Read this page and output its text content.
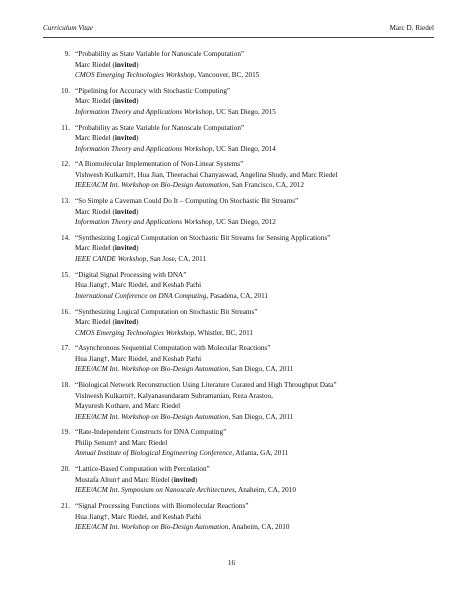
Curriculum Vitae	Marc D. Riedel
9. “Probability as State Variable for Nanoscale Computation”
Marc Riedel (invited)
CMOS Emerging Technologies Workshop, Vancouver, BC, 2015
10. “Pipelining for Accuracy with Stochastic Computing”
Marc Riedel (invited)
Information Theory and Applications Workshop, UC San Diego, 2015
11. “Probability as State Variable for Nanoscale Computation”
Marc Riedel (invited)
Information Theory and Applications Workshop, UC San Diego, 2014
12. “A Biomolecular Implementation of Non-Linear Systems”
Vishwesh Kulkarni†, Hua Jian, Theerachai Chanyaswad, Angelina Shudy, and Marc Riedel
IEEE/ACM Int. Workshop on Bio-Design Automation, San Francisco, CA, 2012
13. “So Simple a Caveman Could Do It – Computing On Stochastic Bit Streams”
Marc Riedel (invited)
Information Theory and Applications Workshop, UC San Diego, 2012
14. “Synthesizing Logical Computation on Stochastic Bit Streams for Sensing Applications”
Marc Riedel (invited)
IEEE CANDE Workshop, San Jose, CA, 2011
15. “Digital Signal Processing with DNA”
Hua Jiang†, Marc Riedel, and Keshab Parhi
International Conference on DNA Computing, Pasadena, CA, 2011
16. “Synthesizing Logical Computation on Stochastic Bit Streams”
Marc Riedel (invited)
CMOS Emerging Technologies Workshop, Whistler, BC, 2011
17. “Asynchronous Sequential Computation with Molecular Reactions”
Hua Jiang†, Marc Riedel, and Keshab Parhi
IEEE/ACM Int. Workshop on Bio-Design Automation, San Diego, CA, 2011
18. “Biological Network Reconstruction Using Literature Curated and High Throughput Data”
Vishwesh Kulkarni†, Kalyanasundaram Subramanian, Reza Arastoo,
Mayuresh Kothare, and Marc Riedel
IEEE/ACM Int. Workshop on Bio-Design Automation, San Diego, CA, 2011
19. “Rate-Independent Constructs for DNA Computing”
Philip Senum† and Marc Riedel
Annual Institute of Biological Engineering Conference, Atlanta, GA, 2011
20. “Lattice-Based Computation with Percolation”
Mustafa Altun† and Marc Riedel (invited)
IEEE/ACM Int. Symposium on Nanoscale Architectures, Anaheim, CA, 2010
21. “Signal Processing Functions with Biomolecular Reactions”
Hua Jiang†, Marc Riedel, and Keshab Parhi
IEEE/ACM Int. Workshop on Bio-Design Automation, Anaheim, CA, 2010
16
